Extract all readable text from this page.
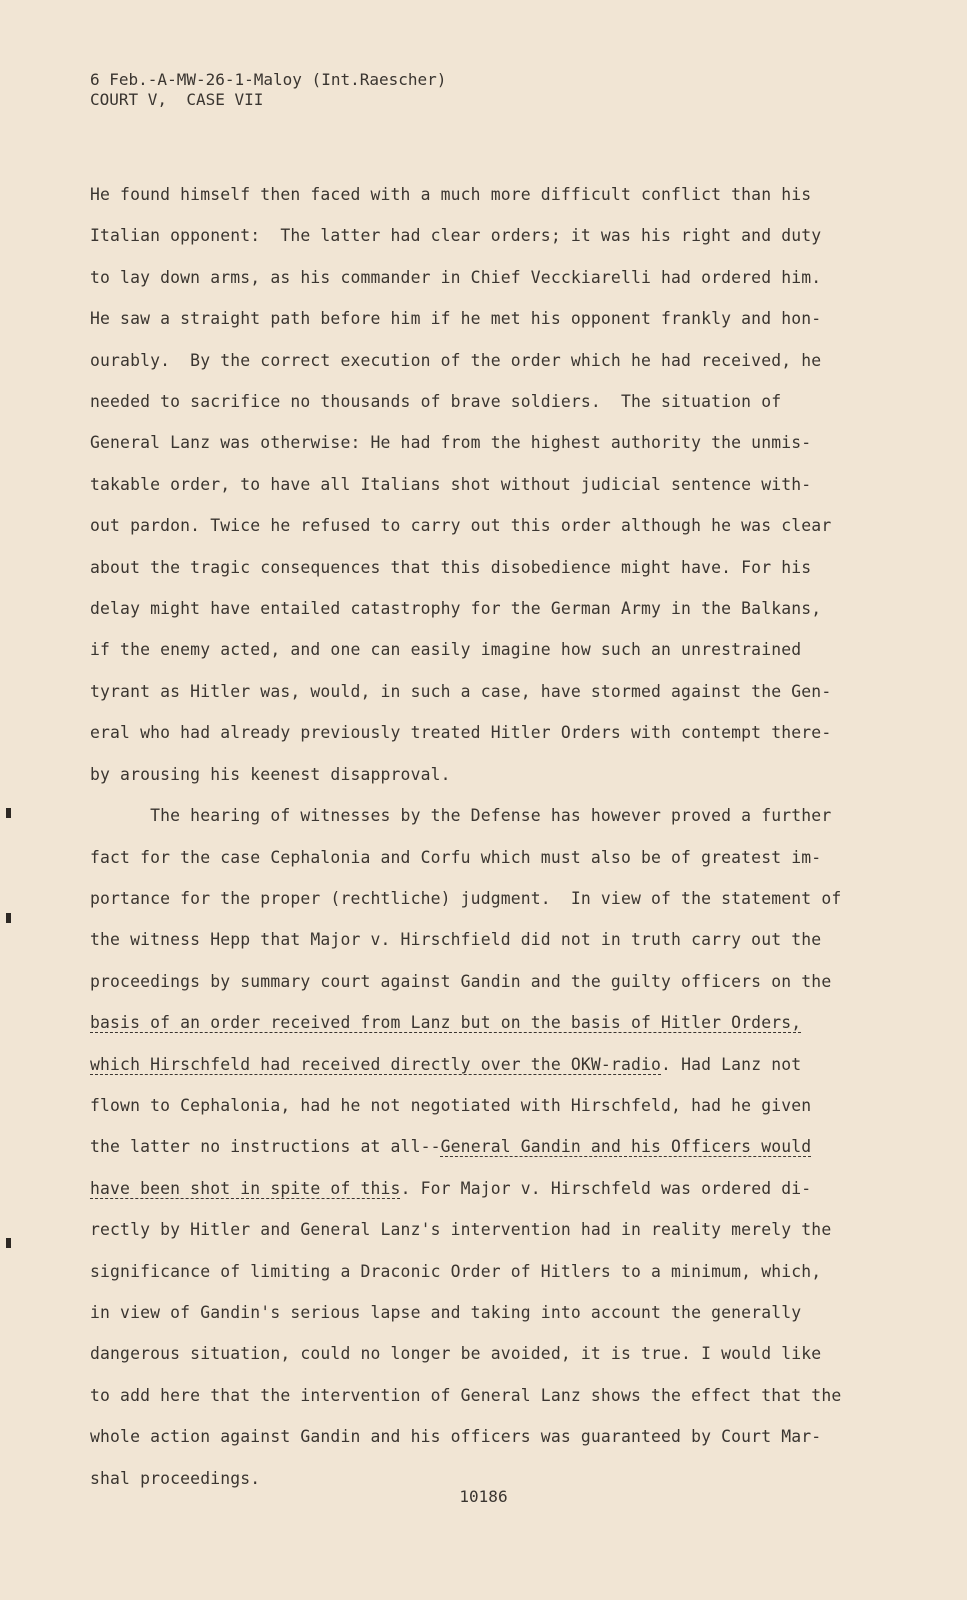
6 Feb.-A-MW-26-1-Maloy (Int.Raescher)
COURT V,  CASE VII
He found himself then faced with a much more difficult conflict than his
Italian opponent:  The latter had clear orders; it was his right and duty
to lay down arms, as his commander in Chief Vecckiarelli had ordered him.
He saw a straight path before him if he met his opponent frankly and hon-
ourably.  By the correct execution of the order which he had received, he
needed to sacrifice no thousands of brave soldiers.  The situation of
General Lanz was otherwise: He had from the highest authority the unmis-
takable order, to have all Italians shot without judicial sentence with-
out pardon. Twice he refused to carry out this order although he was clear
about the tragic consequences that this disobedience might have. For his
delay might have entailed catastrophy for the German Army in the Balkans,
if the enemy acted, and one can easily imagine how such an unrestrained
tyrant as Hitler was, would, in such a case, have stormed against the Gen-
eral who had already previously treated Hitler Orders with contempt there-
by arousing his keenest disapproval.
The hearing of witnesses by the Defense has however proved a further
fact for the case Cephalonia and Corfu which must also be of greatest im-
portance for the proper (rechtliche) judgment.  In view of the statement of
the witness Hepp that Major v. Hirschfield did not in truth carry out the
proceedings by summary court against Gandin and the guilty officers on the
basis of an order received from Lanz but on the basis of Hitler Orders,
which Hirschfeld had received directly over the OKW-radio. Had Lanz not
flown to Cephalonia, had he not negotiated with Hirschfeld, had he given
the latter no instructions at all--General Gandin and his Officers would
have been shot in spite of this. For Major v. Hirschfeld was ordered di-
rectly by Hitler and General Lanz's intervention had in reality merely the
significance of limiting a Draconic Order of Hitlers to a minimum, which,
in view of Gandin's serious lapse and taking into account the generally
dangerous situation, could no longer be avoided, it is true. I would like
to add here that the intervention of General Lanz shows the effect that the
whole action against Gandin and his officers was guaranteed by Court Mar-
shal proceedings.
10186
